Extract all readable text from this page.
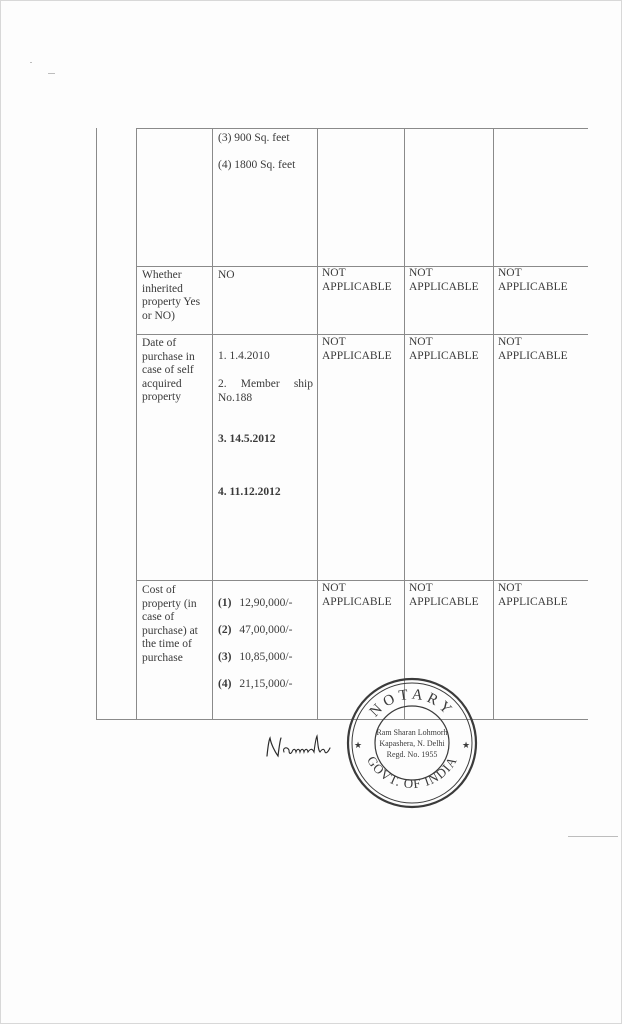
(3) 900 Sq. feet
(4) 1800 Sq. feet
Whether inherited property Yes or NO)
NO	NOT APPLICABLE
NOT APPLICABLE
NOT APPLICABLE
Date of purchase in case of self acquired property
1. 1.4.2010
2. Member ship
No.188
3. 14.5.2012
4. 11.12.2012
NOT APPLICABLE
NOT APPLICABLE
NOT APPLICABLE
Cost of property (in case of purchase) at the time of purchase
(1) 12,90,000/-
(2) 47,00,000/-
(3) 10,85,000/-
(4) 21,15,000/-
NOT APPLICABLE
NOT APPLICABLE
NOT APPLICABLE
NOTARY
GOVT. OF INDIA
★	★
Ram Sharan Lohmorh
Kapashera, N. Delhi
Regd. No. 1955
